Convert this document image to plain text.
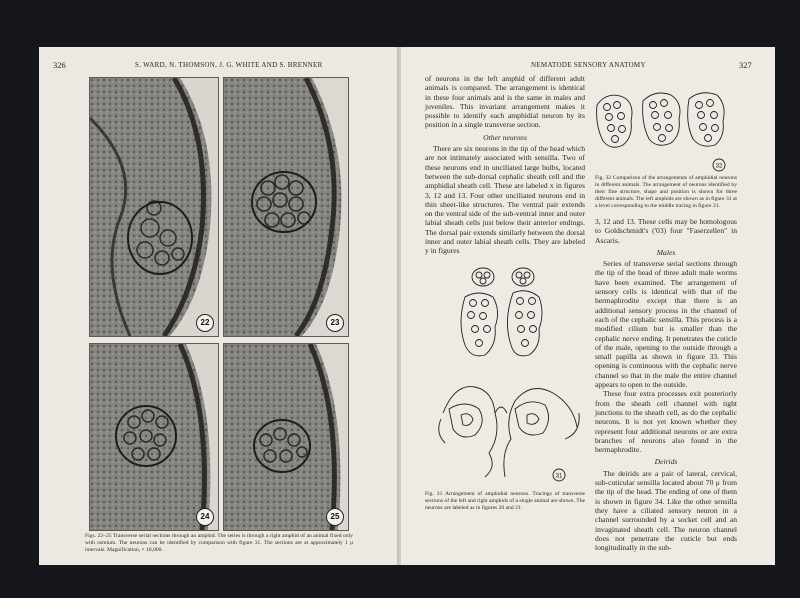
326	S. WARD, N. THOMSON, J. G. WHITE AND S. BRENNER
22	23
24	25
Figs. 22–25 Transverse serial sections through an amphid. The series is through a right amphid of an animal fixed only with osmium. The neurons can be identified by comparison with figure 31. The sections are at approximately 1 μ intervals. Magnification, × 18,000.
NEMATODE SENSORY ANATOMY	327

of neurons in the left amphid of different adult animals is compared. The arrangement is identical in these four animals and is the same in males and juveniles. This invariant arrangement makes it possible to identify each amphidial neuron by its position in a single transverse section.

Other neurons

There are six neurons in the tip of the head which are not intimately associated with sensilla. Two of these neurons end in unciliated large bulbs, located between the sub-dorsal cephalic sheath cell and the amphidial sheath cell. These are labeled x in figures 3, 12 and 13. Four other unciliated neurons end in thin sheet-like structures. The ventral pair extends on the ventral side of the sub-ventral inner and outer labial sheath cells just below their anterior endings. The dorsal pair extends similarly between the dorsal inner and outer labial sheath cells. They are labeled y in figures

32
Fig. 32 Comparison of the arrangements of amphidial neurons in different animals. The arrangement of neurons identified by their fine structure, shape and position is shown for three different animals. The left amphids are shown as in figure 31 at a level corresponding to the middle tracing in figure 31.

3, 12 and 13. These cells may be homologous to Goldschmidt's ('03) four "Faserzellen" in Ascaris.

Males

Series of transverse serial sections through the tip of the head of three adult male worms have been examined. The arrangement of sensory cells is identical with that of the hermaphrodite except that there is an additional sensory process in the channel of each of the cephalic sensilla. This process is a modified cilium but is smaller than the cephalic nerve ending. It penetrates the cuticle of the male, opening to the outside through a small papilla as shown in figure 33. This opening is continuous with the cephalic nerve channel so that in the male the entire channel appears to open to the outside.

These four extra processes exit posteriorly from the sheath cell channel with tight junctions to the sheath cell, as do the cephalic neurons. It is not yet known whether they represent four additional neurons or are extra branches of neurons also found in the hermaphrodite.

Deirids

The deirids are a pair of lateral, cervical, sub-cuticular sensilla located about 70 μ from the tip of the head. The ending of one of them is shown in figure 34. Like the other sensilla they have a ciliated sensory neuron in a channel surrounded by a socket cell and an invaginated sheath cell. The neuron channel does not penetrate the cuticle but ends longitudinally in the sub-

31
Fig. 31 Arrangement of amphidial neurons. Tracings of transverse sections of the left and right amphids of a single animal are shown. The neurons are labeled as in figures 20 and 21.
